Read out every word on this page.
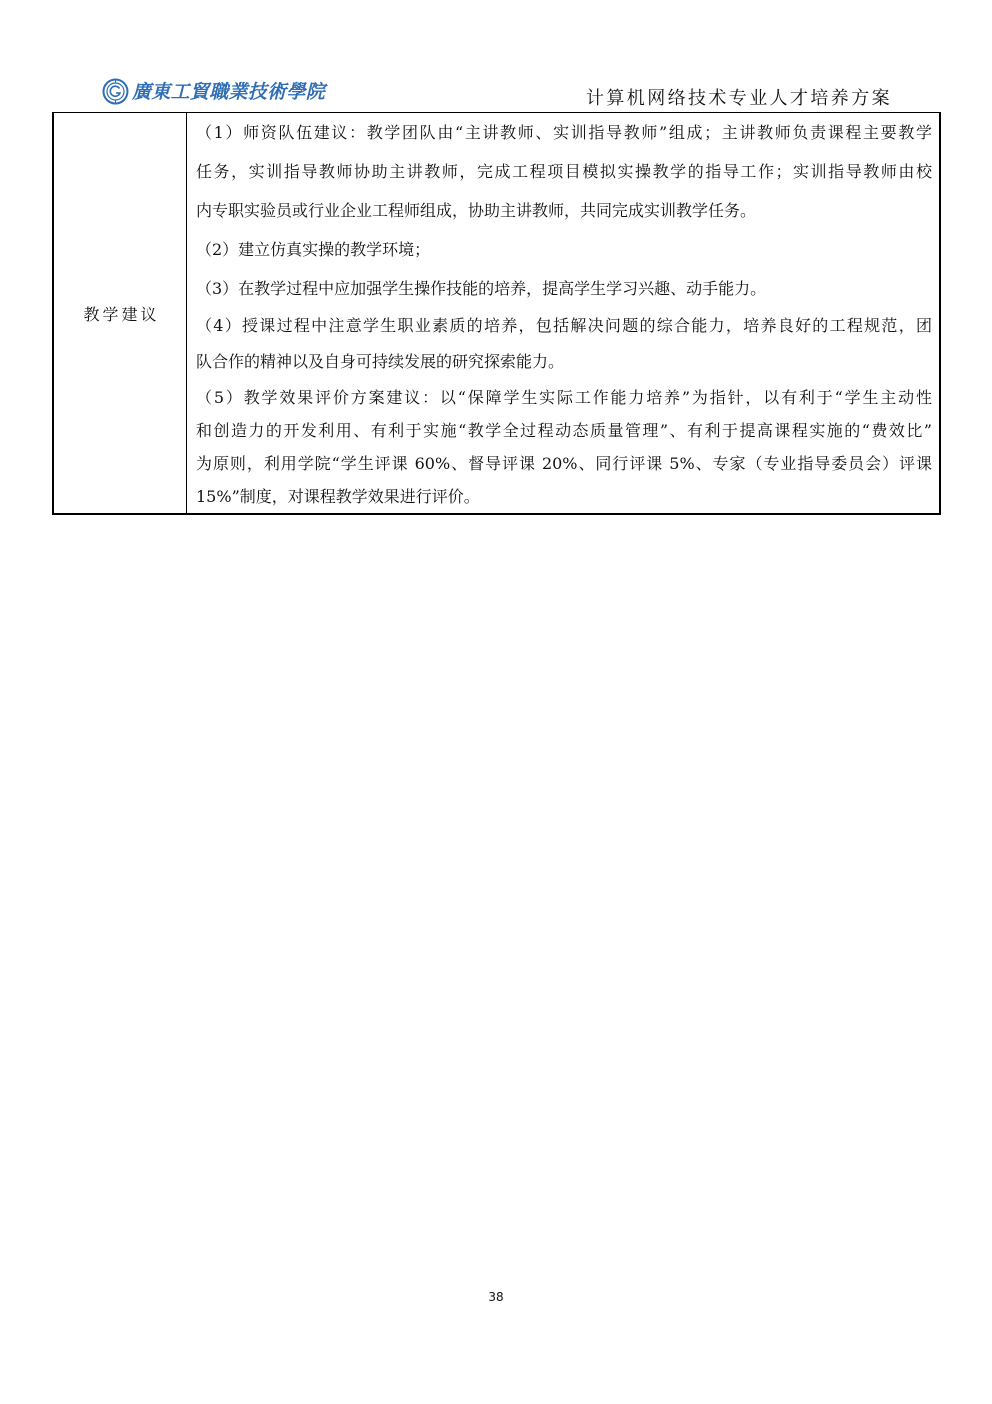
廣東工貿職業技術學院	计算机网络技术专业人才培养方案
教学建议
（1）师资队伍建议：教学团队由“主讲教师、实训指导教师”组成；主讲教师负责课程主要教学
任务，实训指导教师协助主讲教师，完成工程项目模拟实操教学的指导工作；实训指导教师由校
内专职实验员或行业企业工程师组成，协助主讲教师，共同完成实训教学任务。
（2）建立仿真实操的教学环境；
（3）在教学过程中应加强学生操作技能的培养，提高学生学习兴趣、动手能力。
（4）授课过程中注意学生职业素质的培养，包括解决问题的综合能力，培养良好的工程规范，团
队合作的精神以及自身可持续发展的研究探索能力。
（5）教学效果评价方案建议：以“保障学生实际工作能力培养”为指针，以有利于“学生主动性
和创造力的开发利用、有利于实施“教学全过程动态质量管理”、有利于提高课程实施的“费效比”
为原则，利用学院“学生评课 60%、督导评课 20%、同行评课 5%、专家（专业指导委员会）评课
15%”制度，对课程教学效果进行评价。
38
